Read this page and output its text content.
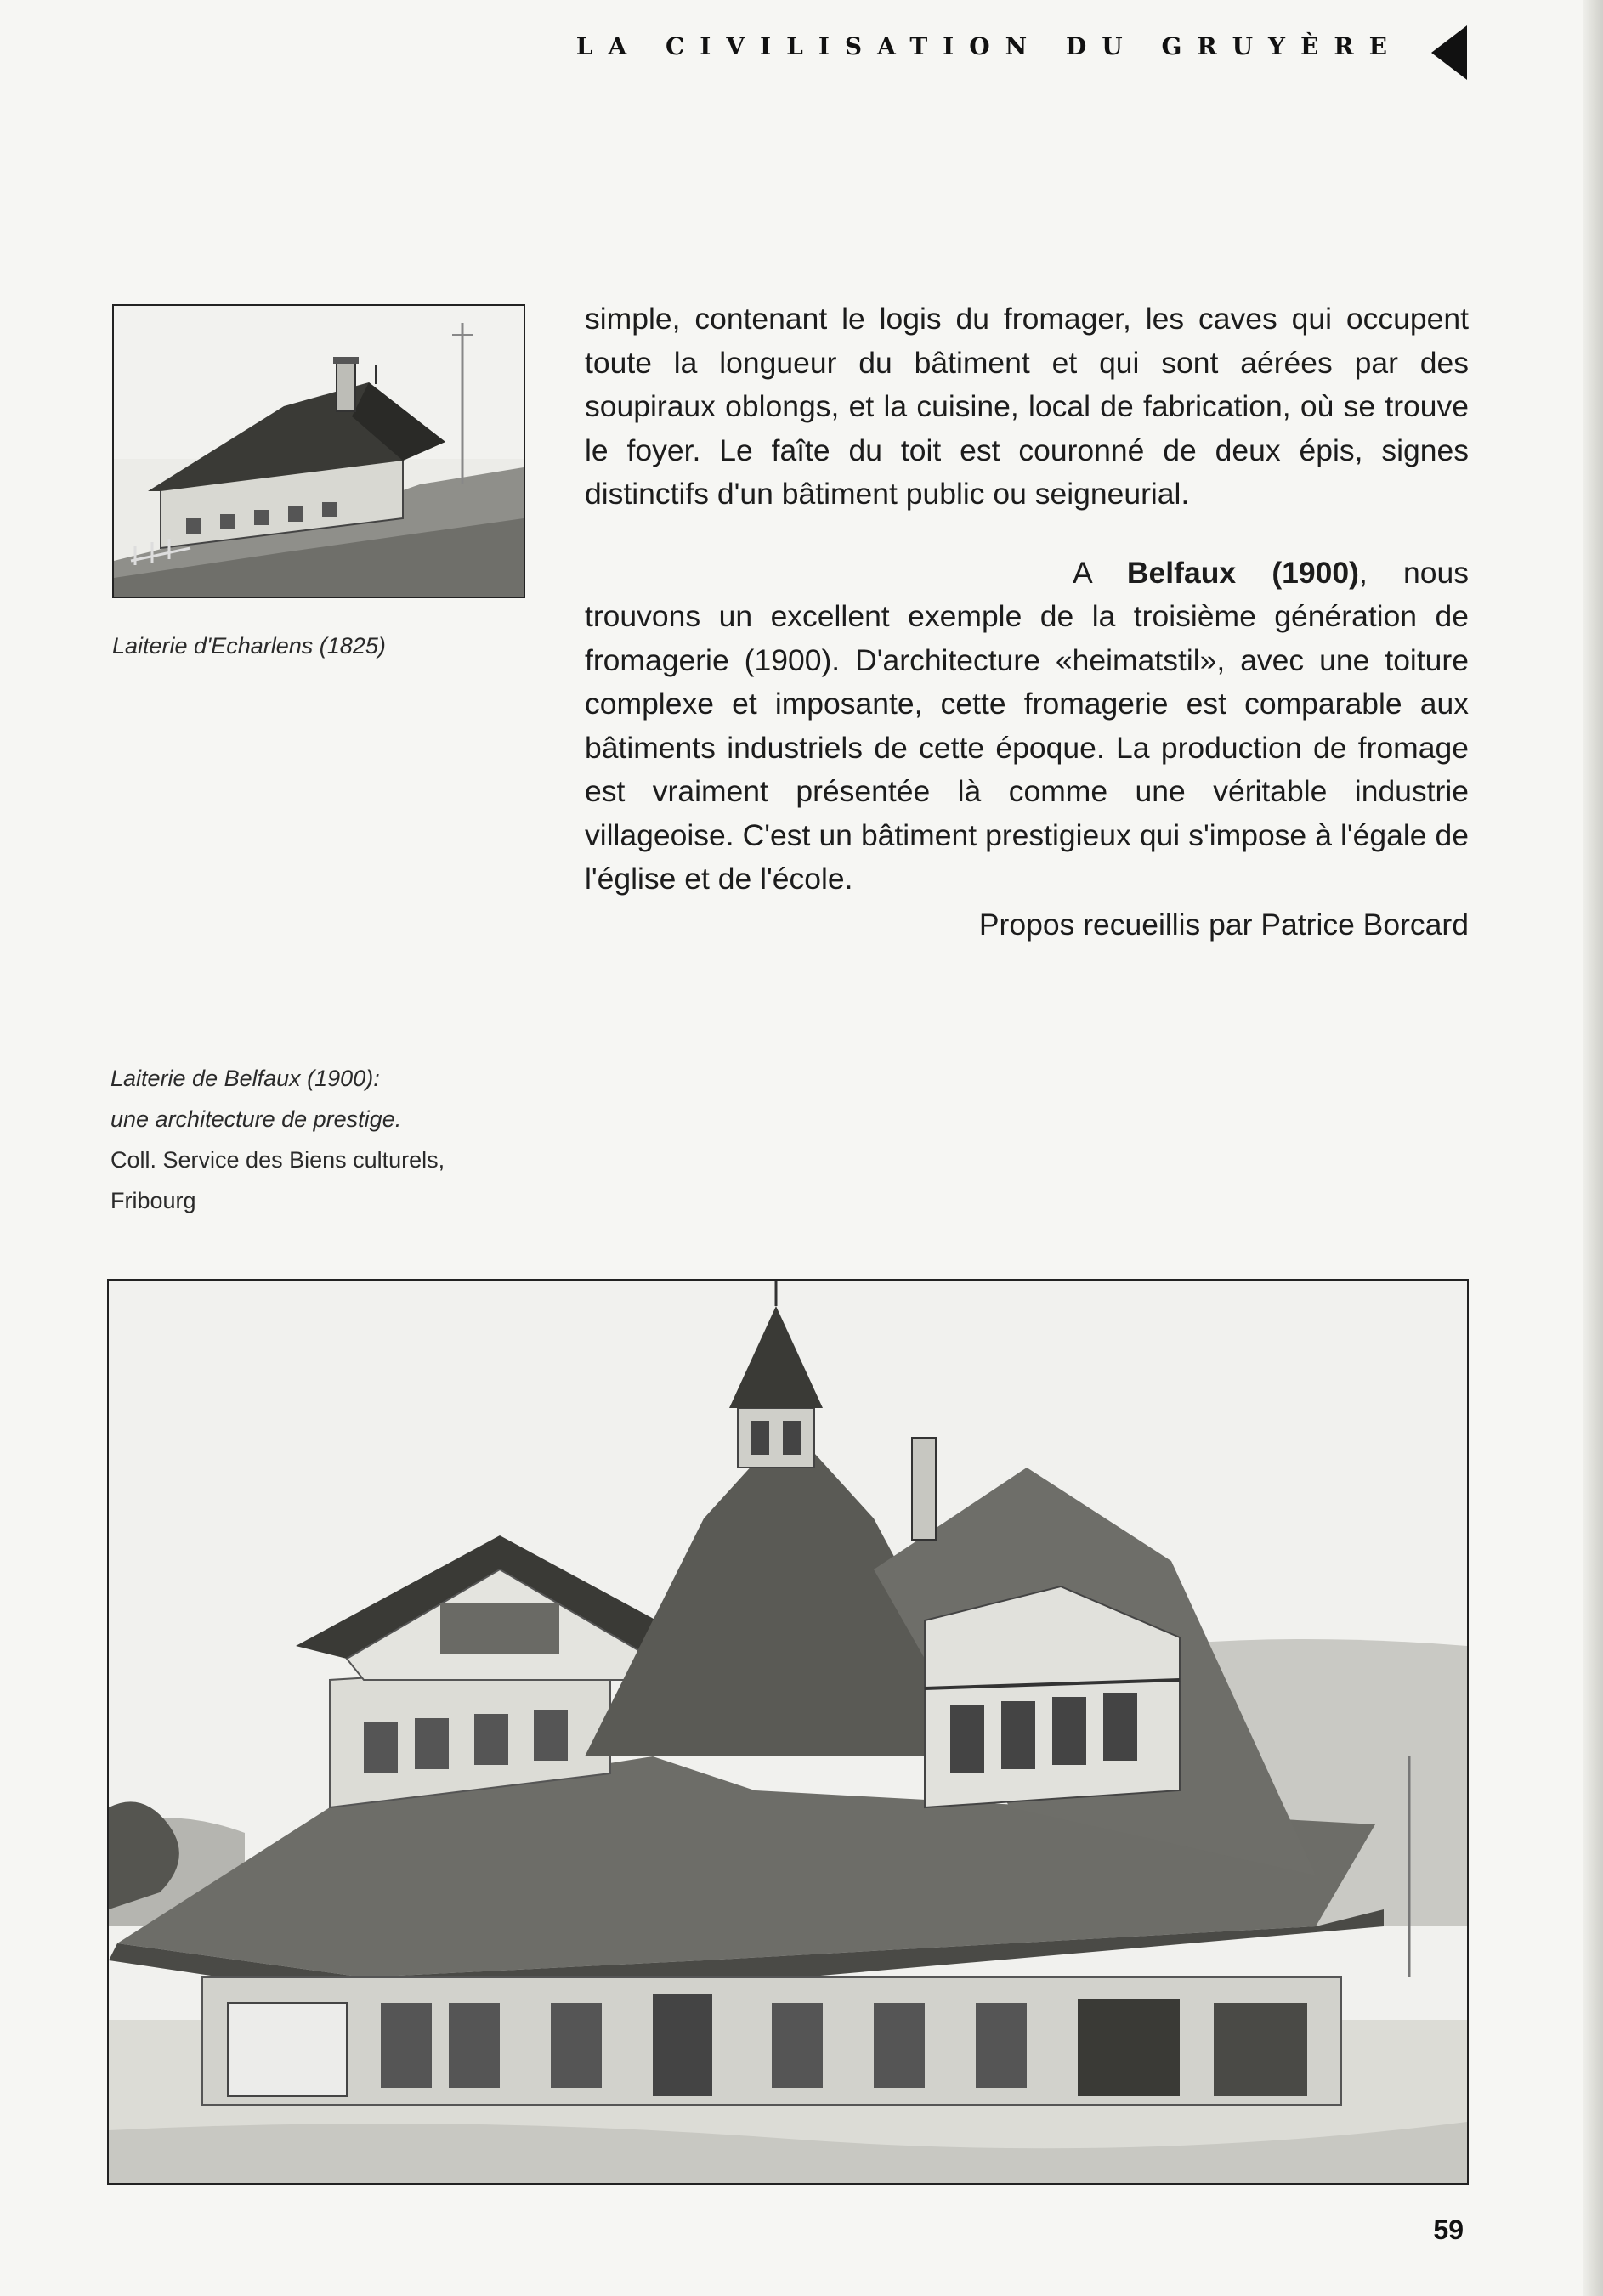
LA CIVILISATION DU GRUYÈRE
Laiterie d'Echarlens (1825)

simple, contenant le logis du fromager, les caves qui occupent toute la longueur du bâtiment et qui sont aérées par des soupiraux oblongs, et la cuisine, local de fabrication, où se trouve le foyer. Le faîte du toit est couronné de deux épis, signes distinctifs d'un bâtiment public ou seigneurial.

A Belfaux (1900), nous trouvons un excellent exemple de la troisième génération de fromagerie (1900). D'architecture «heimatstil», avec une toiture complexe et imposante, cette fromagerie est comparable aux bâtiments industriels de cette époque. La production de fromage est vraiment présentée là comme une véritable industrie villageoise. C'est un bâtiment prestigieux qui s'impose à l'égale de l'église et de l'école.

Propos recueillis par Patrice Borcard

Laiterie de Belfaux (1900):
une architecture de prestige.
Coll. Service des Biens culturels,
Fribourg
59
